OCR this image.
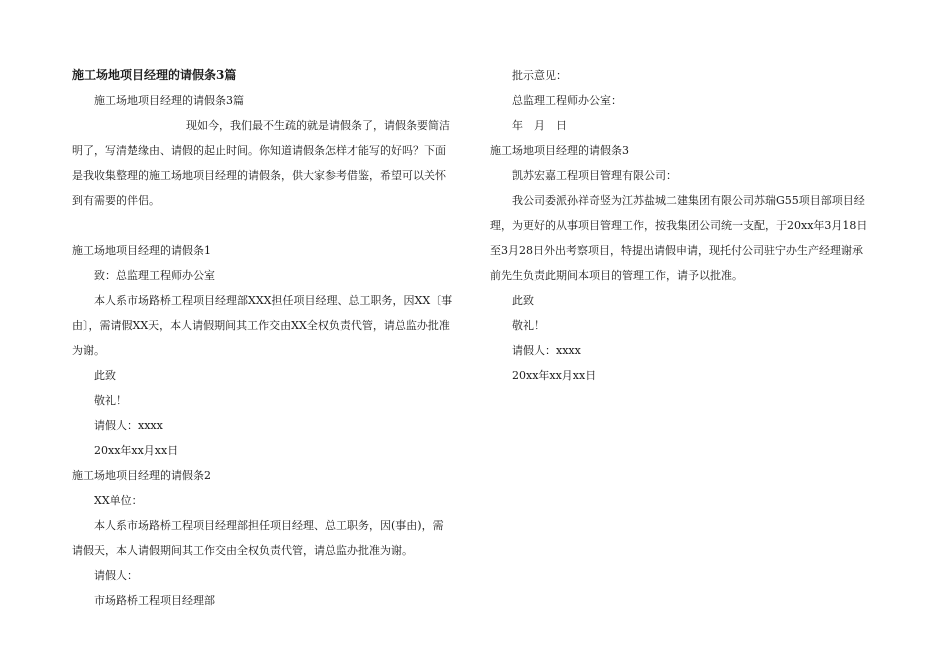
施工场地项目经理的请假条3篇
施工场地项目经理的请假条3篇
现如今，我们最不生疏的就是请假条了，请假条要简洁
明了，写清楚缘由、请假的起止时间。你知道请假条怎样才能写的好吗？下面
是我收集整理的施工场地项目经理的请假条，供大家参考借鉴，希望可以关怀
到有需要的伴侣。
施工场地项目经理的请假条1
致：总监理工程师办公室
本人系市场路桥工程项目经理部XXX担任项目经理、总工职务，因XX〔事
由〕，需请假XX天，本人请假期间其工作交由XX全权负责代管，请总监办批准
为谢。
此致
敬礼！
请假人：xxxx
20xx年xx月xx日
施工场地项目经理的请假条2
XX单位：
本人系市场路桥工程项目经理部担任项目经理、总工职务，因(事由)，需
请假天，本人请假期间其工作交由全权负责代管，请总监办批准为谢。
请假人：
市场路桥工程项目经理部
批示意见：
总监理工程师办公室：
年　月　日
施工场地项目经理的请假条3
凯苏宏嘉工程项目管理有限公司：
我公司委派孙祥奇竖为江苏盐城二建集团有限公司苏瑞G55项目部项目经
理，为更好的从事项目管理工作，按我集团公司统一支配，于20xx年3月18日
至3月28日外出考察项目，特提出请假申请，现托付公司驻宁办生产经理谢承
前先生负责此期间本项目的管理工作，请予以批准。
此致
敬礼！
请假人：xxxx
20xx年xx月xx日
